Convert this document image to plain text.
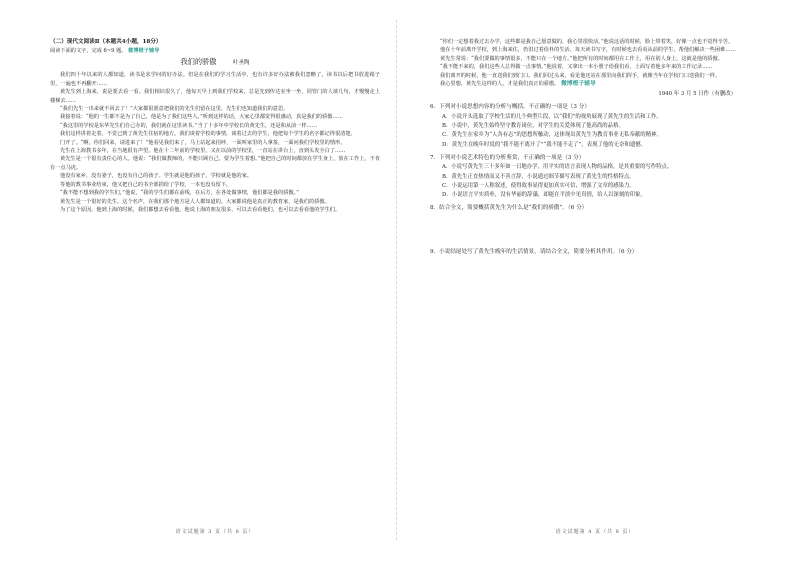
（二）现代文阅读Ⅱ（本题共4小题，18分）

阅读下面的文字，完成 6~9 题。 微博橙子辅导

我们的骄傲	叶圣陶

我们四十年以来的人都知道，读书是求学问的好办法。但是在我们的学习生活中，也有许多好办法被我们忽略了，读书以后把书放进箱子里，一遍也不再翻开……

黄先生到上海来，说是要去看一看。我们相识很久了，他每天早上到我们学校来，总是先到传达室坐一坐，同管门的人谈几句，才慢慢走上楼梯去……

“我们先生一出来就不回去了！”大家都很愿意把我们的先生们留在这里，先生们也知道我们的意思。

我接着说：“他的一生都不是为了自己，他是为了我们这些人。”听到这样的话，大家心里都觉得很感动，真是我们的骄傲……

“我这里的学校是东华先生们自己办的，我们就在这里读书。”当了十多年中学校长的黄先生，还是和从前一样……

我们这样讲着走着，不觉已到了黄先生住宿的地方。我们谈着学校的事情，谈着过去的学生，他把每个学生的名字都记得很清楚。

门开了。“啊，你们回来，请进来了！”他看见我们来了，马上站起来招呼，一面叫家里的人拿茶，一面问我们学校里的情形。

先生在上海教书多年，在当地很有声望。他在十二年前的学校里，又在以前的学校里，一直站在讲台上，直到头发全白了……

黄先生是一个很有责任心的人。他说：“我们做教师的，不能只顾自己，要为学生着想。”他把自己的时间都放在学生身上，放在工作上，不肯有一点马虎。

他没有家乡，没有妻子，也没有自己的孩子。学生就是他的孩子，学校就是他的家。

等他的教书事业结束，他又把自己的书全部捐给了学校，一本也没有留下。

“我不能不想到我的学生们，”他说，“我的学生们都在前线，在后方，在各处做事情，他们都是我的骄傲。”

黄先生是一个很好的先生，这个名声，在我们那个地方是人人都知道的。大家都说他是真正的教育家，是我们的骄傲。

为了这个原因，他到上海的时候，我们都想去看看他。他说上海的朋友很多，可以去看看他们，也可以去看看他的学生们。

“你们一定想着我过去办学，这些都是我自己愿意做的，我心里很快活。”他说这话的时候，脸上带着笑，好像一点也不觉得辛苦。

他在十年前离开学校，到上海来住，仍旧过着俭朴的生活。每天读书写字，有时候也去看看从前的学生，帮他们解决一些困难……

黄先生常说：“我们要做的事情很多，不能只在一个地方。”他把所有的时间都用在工作上，用在别人身上，这就是他的骄傲。

“我不能不来的，我们这些人总得做一点事情。”他说着，又拿出一本小册子给我们看，上面写着他多年来的工作记录……

我们离开的时候，他一直送我们到门口。我们回过头来，看见他还站在那里向我们挥手，就像当年在学校门口送我们一样。

我心里想，黄先生这样的人，才是我们真正的骄傲。 微博橙子辅导

1940 年 3 月 5 日作（有删改）

6．下列对小说思想内容的分析与概括，不正确的一项是（3 分）

A．小说开头选取了学校生活的几个典型片段，以“我们”的视角展现了黄先生的生活和工作。

B．小说中，黄先生始终坚守教育岗位，对学生的关爱体现了他高尚的品格。

C．黄先生在家乡为“人各有志”的思想所触动，这体现出黄先生为教育事业无私奉献的精神。

D．黄先生在晚年时说的“我不能不离开了”“我不能不走了”，表现了他的无奈和遗憾。

7．下列对小说艺术特色的分析鉴赏，不正确的一项是（3 分）

A．小说写黄先生三十多年如一日地办学，用平实的语言表现人物的品格，是其重要的写作特点。

B．黄先生正直热情而又不善言辞，小说通过细节描写表现了黄先生的性格特点。

C．小说运用第一人称叙述，使得故事显得更加真实可信，增强了文章的感染力。

D．小说语言平实质朴，没有华丽的辞藻，却能在平淡中见真情，给人以深刻的印象。

8．结合全文，简要概括黄先生为什么是“我们的骄傲”。（6 分）

9．小说结尾处写了黄先生晚年的生活情景，请结合全文，简要分析其作用。（6 分）

语文试题第 3 页（共 8 页）	语文试题第 4 页（共 8 页）
